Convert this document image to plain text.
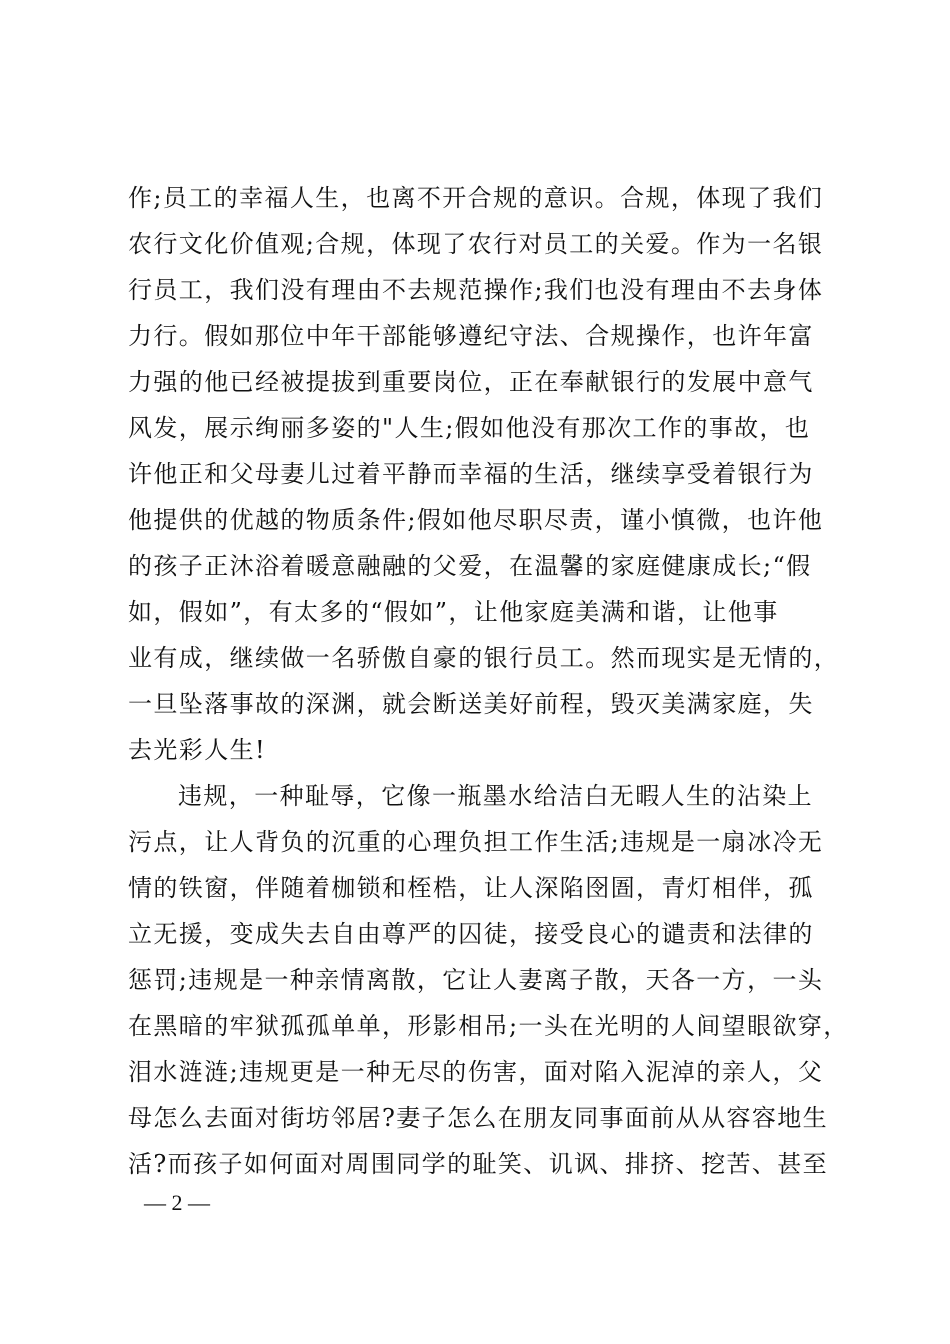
作;员工的幸福人生，也离不开合规的意识。合规，体现了我们
农行文化价值观;合规，体现了农行对员工的关爱。作为一名银
行员工，我们没有理由不去规范操作;我们也没有理由不去身体
力行。假如那位中年干部能够遵纪守法、合规操作，也许年富
力强的他已经被提拔到重要岗位，正在奉献银行的发展中意气
风发，展示绚丽多姿的"人生;假如他没有那次工作的事故，也
许他正和父母妻儿过着平静而幸福的生活，继续享受着银行为
他提供的优越的物质条件;假如他尽职尽责，谨小慎微，也许他
的孩子正沐浴着暖意融融的父爱，在温馨的家庭健康成长;“假
如，假如”，有太多的“假如”，让他家庭美满和谐，让他事
业有成，继续做一名骄傲自豪的银行员工。然而现实是无情的，
一旦坠落事故的深渊，就会断送美好前程，毁灭美满家庭，失
去光彩人生!
违规，一种耻辱，它像一瓶墨水给洁白无暇人生的沾染上
污点，让人背负的沉重的心理负担工作生活;违规是一扇冰冷无
情的铁窗，伴随着枷锁和桎梏，让人深陷囹圄，青灯相伴，孤
立无援，变成失去自由尊严的囚徒，接受良心的谴责和法律的
惩罚;违规是一种亲情离散，它让人妻离子散，天各一方，一头
在黑暗的牢狱孤孤单单，形影相吊;一头在光明的人间望眼欲穿，
泪水涟涟;违规更是一种无尽的伤害，面对陷入泥淖的亲人，父
母怎么去面对街坊邻居?妻子怎么在朋友同事面前从从容容地生
活?而孩子如何面对周围同学的耻笑、讥讽、排挤、挖苦、甚至
— 2 —
